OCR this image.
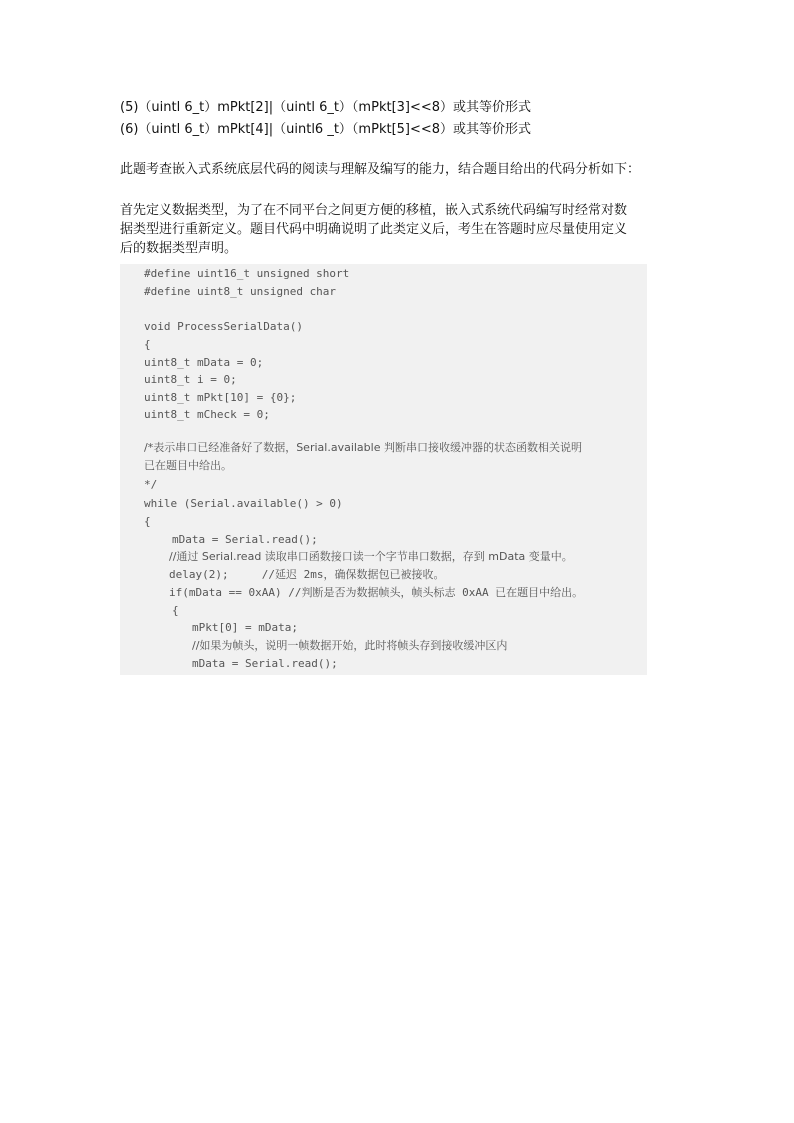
(5)（uintl 6_t）mPkt[2]|（uintl 6_t）（mPkt[3]<<8）或其等价形式
(6)（uintl 6_t）mPkt[4]|（uintl6 _t）（mPkt[5]<<8）或其等价形式
此题考查嵌入式系统底层代码的阅读与理解及编写的能力，结合题目给出的代码分析如下：
首先定义数据类型，为了在不同平台之间更方便的移植，嵌入式系统代码编写时经常对数
据类型进行重新定义。题目代码中明确说明了此类定义后，考生在答题时应尽量使用定义
后的数据类型声明。
#define uint16_t unsigned short
#define uint8_t unsigned char
void ProcessSerialData()
{
uint8_t mData = 0;
uint8_t i = 0;
uint8_t mPkt[10] = {0};
uint8_t mCheck = 0;
/*表示串口已经准备好了数据，Serial.available 判断串口接收缓冲器的状态函数相关说明
已在题目中给出。
*/
while (Serial.available() > 0)
{
mData = Serial.read();
//通过 Serial.read 读取串口函数接口读一个字节串口数据，存到 mData 变量中。
delay(2);     //延迟 2ms，确保数据包已被接收。
if(mData == 0xAA) //判断是否为数据帧头，帧头标志 0xAA 已在题目中给出。
{
mPkt[0] = mData;
//如果为帧头，说明一帧数据开始，此时将帧头存到接收缓冲区内
mData = Serial.read();
